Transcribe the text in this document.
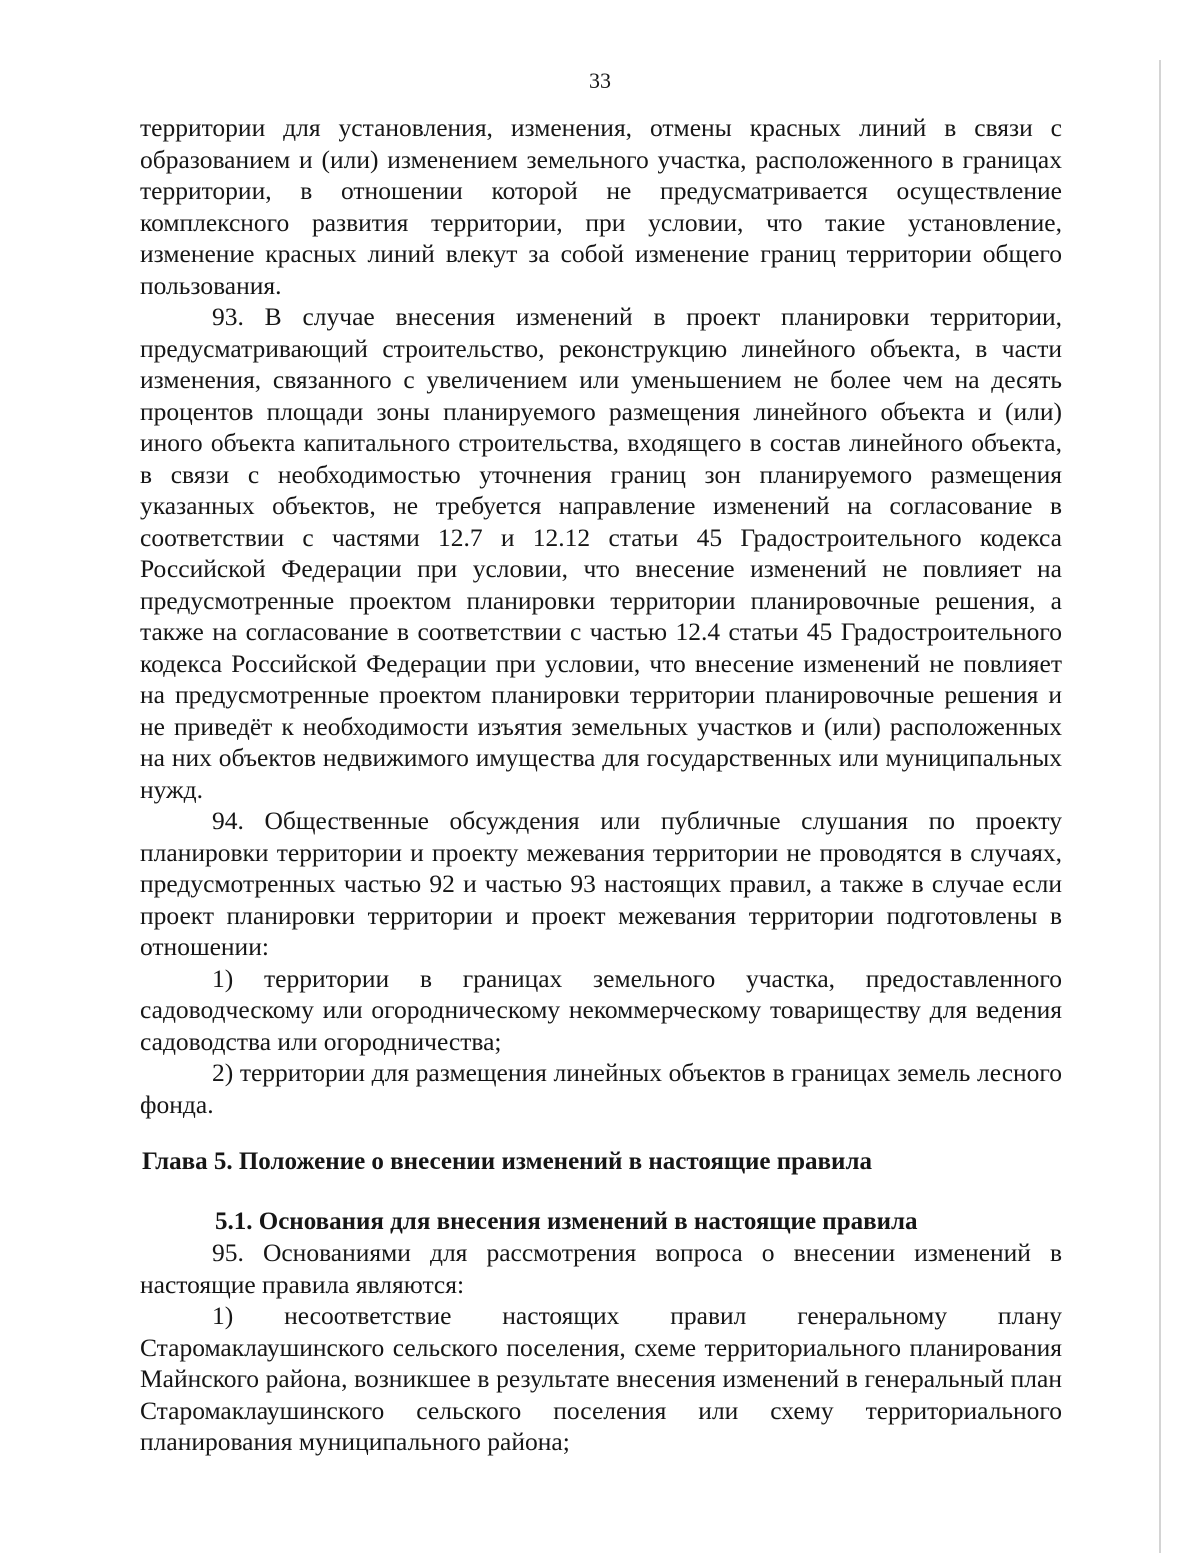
33

территории для установления, изменения, отмены красных линий в связи с образованием и (или) изменением земельного участка, расположенного в границах территории, в отношении которой не предусматривается осуществление комплексного развития территории, при условии, что такие установление, изменение красных линий влекут за собой изменение границ территории общего пользования.

93. В случае внесения изменений в проект планировки территории, предусматривающий строительство, реконструкцию линейного объекта, в части изменения, связанного с увеличением или уменьшением не более чем на десять процентов площади зоны планируемого размещения линейного объекта и (или) иного объекта капитального строительства, входящего в состав линейного объекта, в связи с необходимостью уточнения границ зон планируемого размещения указанных объектов, не требуется направление изменений на согласование в соответствии с частями 12.7 и 12.12 статьи 45 Градостроительного кодекса Российской Федерации при условии, что внесение изменений не повлияет на предусмотренные проектом планировки территории планировочные решения, а также на согласование в соответствии с частью 12.4 статьи 45 Градостроительного кодекса Российской Федерации при условии, что внесение изменений не повлияет на предусмотренные проектом планировки территории планировочные решения и не приведёт к необходимости изъятия земельных участков и (или) расположенных на них объектов недвижимого имущества для государственных или муниципальных нужд.

94. Общественные обсуждения или публичные слушания по проекту планировки территории и проекту межевания территории не проводятся в случаях, предусмотренных частью 92 и частью 93 настоящих правил, а также в случае если проект планировки территории и проект межевания территории подготовлены в отношении:

1) территории в границах земельного участка, предоставленного садоводческому или огородническому некоммерческому товариществу для ведения садоводства или огородничества;

2) территории для размещения линейных объектов в границах земель лесного фонда.

Глава 5. Положение о внесении изменений в настоящие правила

5.1. Основания для внесения изменений в настоящие правила

95. Основаниями для рассмотрения вопроса о внесении изменений в настоящие правила являются:

1) несоответствие настоящих правил генеральному плану Старомаклаушинского сельского поселения, схеме территориального планирования Майнского района, возникшее в результате внесения изменений в генеральный план Старомаклаушинского сельского поселения или схему территориального планирования муниципального района;
